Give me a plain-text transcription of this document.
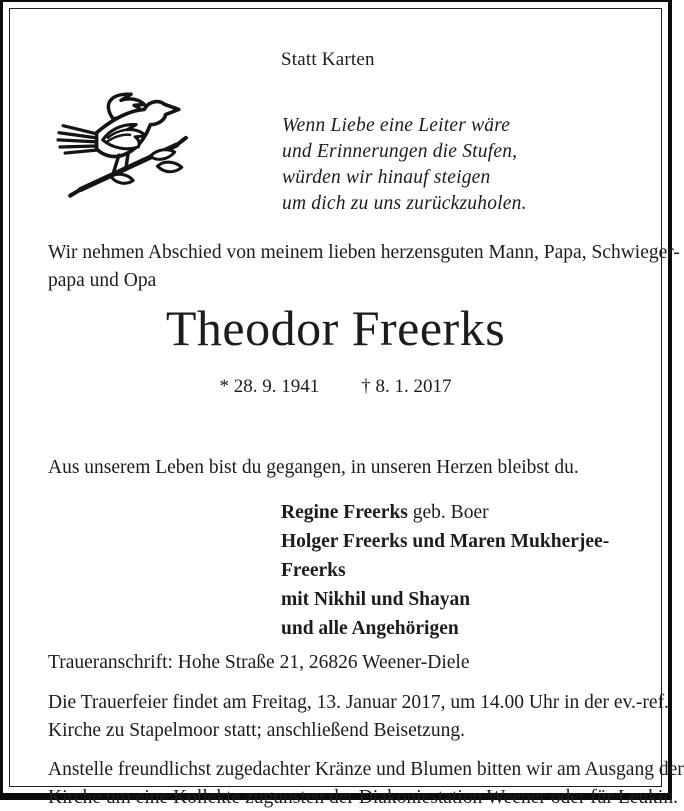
Statt Karten
Wenn Liebe eine Leiter wäre
und Erinnerungen die Stufen,
würden wir hinauf steigen
um dich zu uns zurückzuholen.

Wir nehmen Abschied von meinem lieben herzensguten Mann, Papa, Schwieger-
papa und Opa

Theodor Freerks
* 28. 9. 1941 † 8. 1. 2017

Aus unserem Leben bist du gegangen, in unseren Herzen bleibst du.

Regine Freerks geb. Boer
Holger Freerks und Maren Mukherjee-Freerks
mit Nikhil und Shayan
und alle Angehörigen

Traueranschrift: Hohe Straße 21, 26826 Weener-Diele

Die Trauerfeier findet am Freitag, 13. Januar 2017, um 14.00 Uhr in der ev.-ref.
Kirche zu Stapelmoor statt; anschließend Beisetzung.

Anstelle freundlichst zugedachter Kränze und Blumen bitten wir am Ausgang der
Kirche um eine Kollekte zugunsten der Diakoniestation Weener oder für Leukin.
